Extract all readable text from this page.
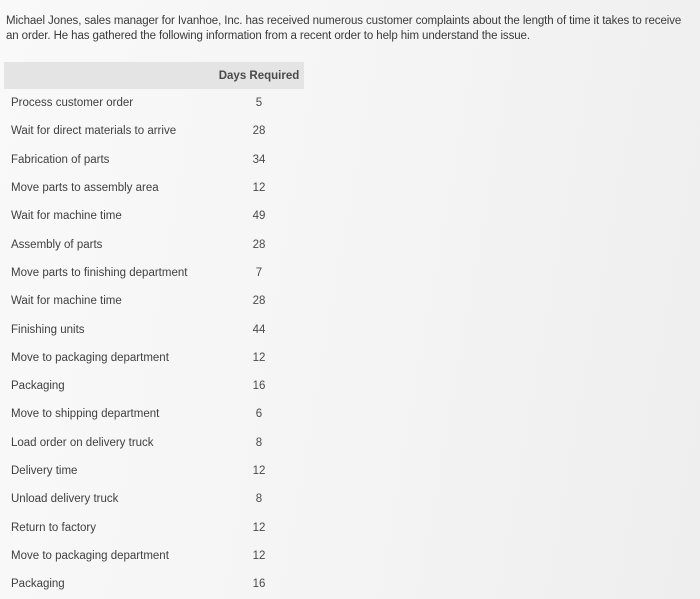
Michael Jones, sales manager for Ivanhoe, Inc. has received numerous customer complaints about the length of time it takes to receive an order. He has gathered the following information from a recent order to help him understand the issue.
Days Required
Process customer order	5
Wait for direct materials to arrive	28
Fabrication of parts	34
Move parts to assembly area	12
Wait for machine time	49
Assembly of parts	28
Move parts to finishing department	7
Wait for machine time	28
Finishing units	44
Move to packaging department	12
Packaging	16
Move to shipping department	6
Load order on delivery truck	8
Delivery time	12
Unload delivery truck	8
Return to factory	12
Move to packaging department	12
Packaging	16
